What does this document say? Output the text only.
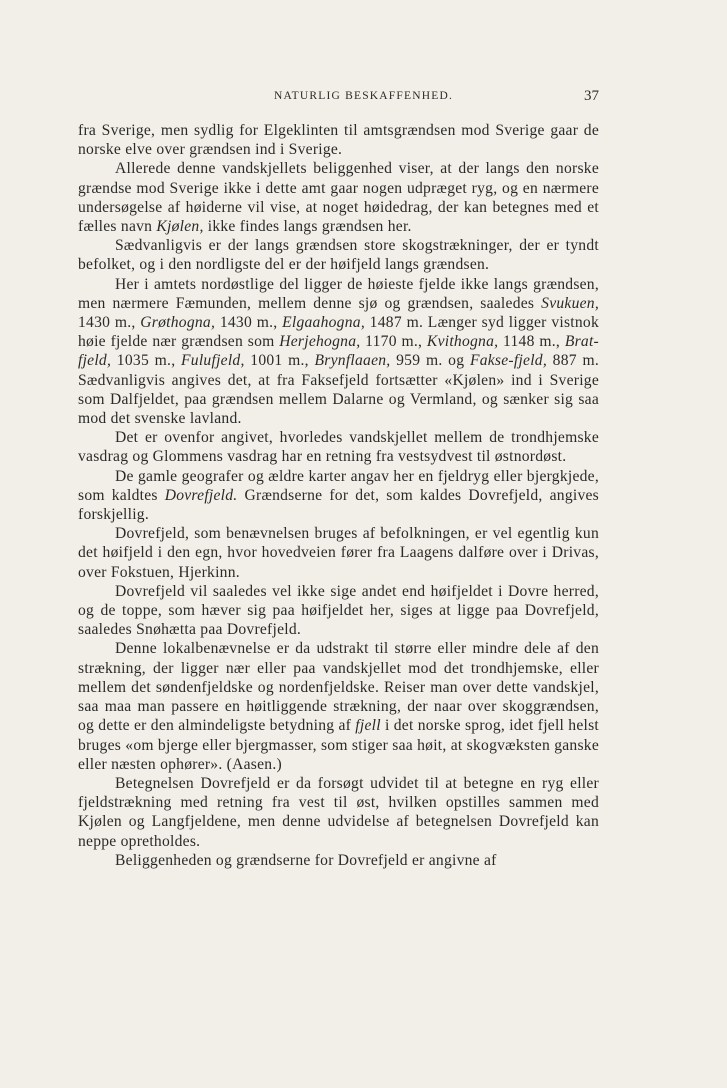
NATURLIG BESKAFFENHED.	37

fra Sverige, men sydlig for Elgeklinten til amtsgrændsen mod Sverige gaar de norske elve over grændsen ind i Sverige.

Allerede denne vandskjellets beliggenhed viser, at der langs den norske grændse mod Sverige ikke i dette amt gaar nogen udpræget ryg, og en nærmere undersøgelse af høiderne vil vise, at noget høidedrag, der kan betegnes med et fælles navn Kjølen, ikke findes langs grændsen her.

Sædvanligvis er der langs grændsen store skogstrækninger, der er tyndt befolket, og i den nordligste del er der høifjeld langs grændsen.

Her i amtets nordøstlige del ligger de høieste fjelde ikke langs grændsen, men nærmere Fæmunden, mellem denne sjø og grændsen, saaledes Svukuen, 1430 m., Grøthogna, 1430 m., Elgaahogna, 1487 m. Længer syd ligger vistnok høie fjelde nær grændsen som Herjehogna, 1170 m., Kvithogna, 1148 m., Brat-fjeld, 1035 m., Fulufjeld, 1001 m., Brynflaaen, 959 m. og Fakse-fjeld, 887 m. Sædvanligvis angives det, at fra Faksefjeld fortsætter «Kjølen» ind i Sverige som Dalfjeldet, paa grændsen mellem Dalarne og Vermland, og sænker sig saa mod det svenske lavland.

Det er ovenfor angivet, hvorledes vandskjellet mellem de trondhjemske vasdrag og Glommens vasdrag har en retning fra vestsydvest til østnordøst.

De gamle geografer og ældre karter angav her en fjeldryg eller bjergkjede, som kaldtes Dovrefjeld. Grændserne for det, som kaldes Dovrefjeld, angives forskjellig.

Dovrefjeld, som benævnelsen bruges af befolkningen, er vel egentlig kun det høifjeld i den egn, hvor hovedveien fører fra Laagens dalføre over i Drivas, over Fokstuen, Hjerkinn.

Dovrefjeld vil saaledes vel ikke sige andet end høifjeldet i Dovre herred, og de toppe, som hæver sig paa høifjeldet her, siges at ligge paa Dovrefjeld, saaledes Snøhætta paa Dovrefjeld.

Denne lokalbenævnelse er da udstrakt til større eller mindre dele af den strækning, der ligger nær eller paa vandskjellet mod det trondhjemske, eller mellem det søndenfjeldske og nordenfjeldske. Reiser man over dette vandskjel, saa maa man passere en høitliggende strækning, der naar over skoggrændsen, og dette er den almindeligste betydning af fjell i det norske sprog, idet fjell helst bruges «om bjerge eller bjergmasser, som stiger saa høit, at skogvæksten ganske eller næsten ophører». (Aasen.)

Betegnelsen Dovrefjeld er da forsøgt udvidet til at betegne en ryg eller fjeldstrækning med retning fra vest til øst, hvilken opstilles sammen med Kjølen og Langfjeldene, men denne udvidelse af betegnelsen Dovrefjeld kan neppe opretholdes.

Beliggenheden og grændserne for Dovrefjeld er angivne af
